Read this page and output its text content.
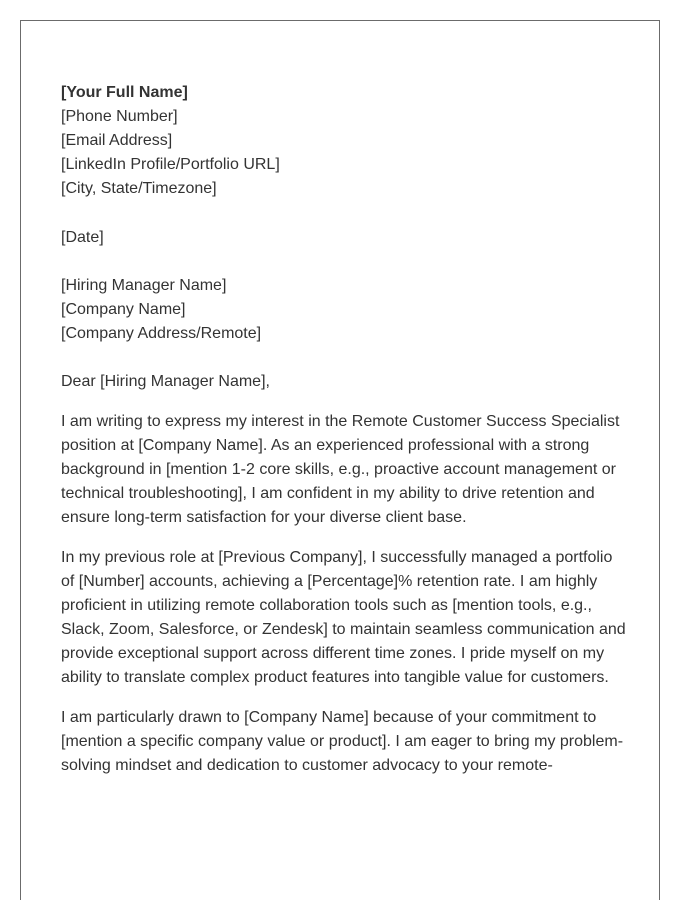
[Your Full Name]
[Phone Number]
[Email Address]
[LinkedIn Profile/Portfolio URL]
[City, State/Timezone]
[Date]
[Hiring Manager Name]
[Company Name]
[Company Address/Remote]
Dear [Hiring Manager Name],

I am writing to express my interest in the Remote Customer Success Specialist position at [Company Name]. As an experienced professional with a strong background in [mention 1-2 core skills, e.g., proactive account management or technical troubleshooting], I am confident in my ability to drive retention and ensure long-term satisfaction for your diverse client base.

In my previous role at [Previous Company], I successfully managed a portfolio of [Number] accounts, achieving a [Percentage]% retention rate. I am highly proficient in utilizing remote collaboration tools such as [mention tools, e.g., Slack, Zoom, Salesforce, or Zendesk] to maintain seamless communication and provide exceptional support across different time zones. I pride myself on my ability to translate complex product features into tangible value for customers.

I am particularly drawn to [Company Name] because of your commitment to [mention a specific company value or product]. I am eager to bring my problem-solving mindset and dedication to customer advocacy to your remote-
